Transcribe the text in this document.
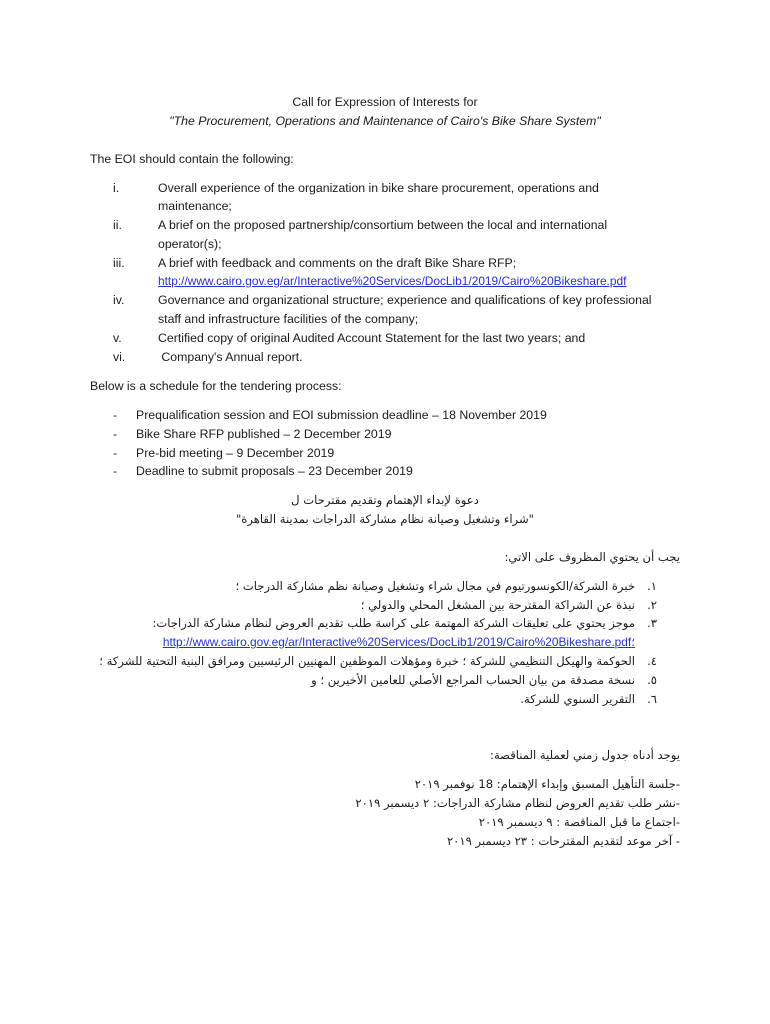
Call for Expression of Interests for
"The Procurement, Operations and Maintenance of Cairo's Bike Share System"
The EOI should contain the following:
i.	Overall experience of the organization in bike share procurement, operations and
maintenance;
ii.	A brief on the proposed partnership/consortium between the local and international
operator(s);
iii.	A brief with feedback and comments on the draft Bike Share RFP;
http://www.cairo.gov.eg/ar/Interactive%20Services/DocLib1/2019/Cairo%20Bikeshare.pdf
iv.	Governance and organizational structure; experience and qualifications of key professional
staff and infrastructure facilities of the company;
v.	Certified copy of original Audited Account Statement for the last two years; and
vi.	Company's Annual report.
Below is a schedule for the tendering process:
- Prequalification session and EOI submission deadline – 18 November 2019
- Bike Share RFP published – 2 December 2019
- Pre-bid meeting – 9 December 2019
- Deadline to submit proposals – 23 December 2019
دعوة لإبداء الإهتمام وتقديم مقترحات ل
"شراء وتشغيل وصيانة نظام مشاركة الدراجات بمدينة القاهرة"
يجب أن يحتوي المظروف على الاتي:
.١
خبرة الشركة/الكونسورتيوم في مجال شراء وتشغيل وصيانة نظم مشاركة الدرجات ؛
.٢
نبذة عن الشراكة المقترحة بين المشغل المحلي والدولي ؛
.٣
موجز يحتوي على تعليقات الشركة المهتمة على كراسة طلب تقديم العروض لنظام مشاركة الدراجات:
http://www.cairo.gov.eg/ar/Interactive%20Services/DocLib1/2019/Cairo%20Bikeshare.pdf؛
.٤
الحوكمة والهيكل التنظيمي للشركة ؛ خبرة ومؤهلات الموظفين المهنيين الرئيسيين ومرافق البنية التحتية للشركة ؛
.٥
نسخة مصدقة من بيان الحساب المراجع الأصلي للعامين الأخيرين ؛ و
.٦
التقرير السنوي للشركة.
يوجد أدناه جدول زمني لعملية المناقصة:
-جلسة التأهيل المسبق وإبداء الإهتمام: 18 نوفمبر ٢٠١٩
-نشر طلب تقديم العروض لنظام مشاركة الدراجات: ٢ ديسمبر ٢٠١٩
-اجتماع ما قبل المناقصة : ٩ ديسمبر ٢٠١٩
- آخر موعد لتقديم المقترحات : ٢٣ ديسمبر ٢٠١٩
